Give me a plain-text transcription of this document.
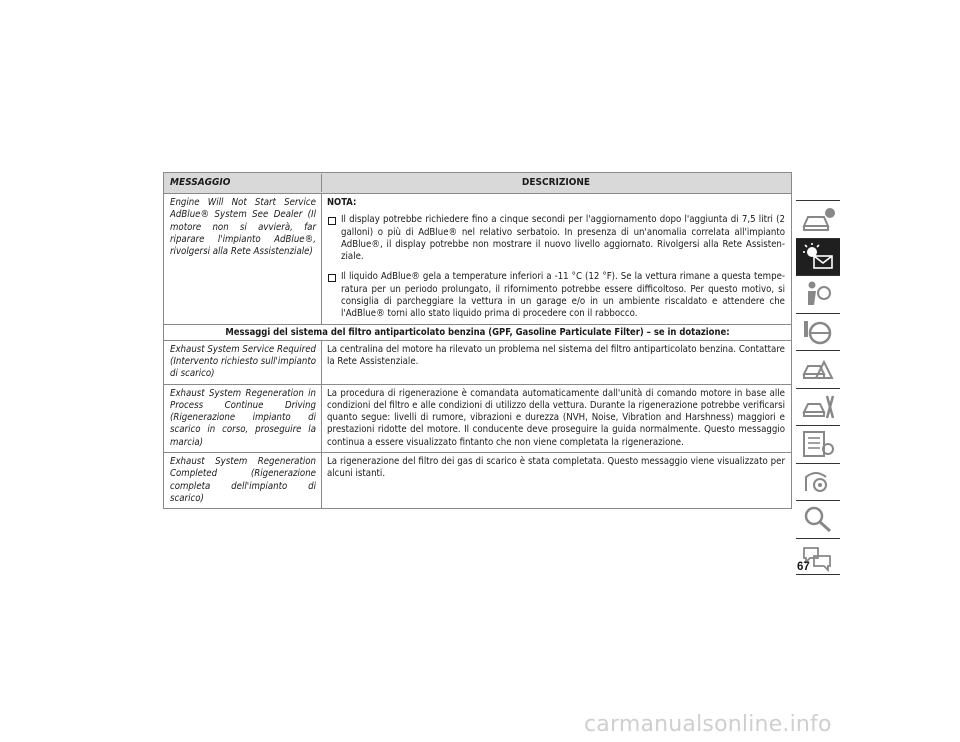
MESSAGGIO	DESCRIZIONE
Engine Will Not Start Service AdBlue® System See Dealer (Il motore non si avvierà, far riparare l'impianto AdBlue®, rivolgersi alla Rete Assistenziale)
NOTA:
Il display potrebbe richiedere fino a cinque secondi per l'aggiornamento dopo l'aggiunta di 7,5 litri (2 galloni) o più di AdBlue® nel relativo serbatoio. In presenza di un'anomalia correlata all'impianto AdBlue®, il display potrebbe non mostrare il nuovo livello aggiornato. Rivolgersi alla Rete Assisten-ziale.
Il liquido AdBlue® gela a temperature inferiori a -11 °C (12 °F). Se la vettura rimane a questa tempe-ratura per un periodo prolungato, il rifornimento potrebbe essere difficoltoso. Per questo motivo, si consiglia di parcheggiare la vettura in un garage e/o in un ambiente riscaldato e attendere che l'AdBlue® torni allo stato liquido prima di procedere con il rabbocco.
Messaggi del sistema del filtro antiparticolato benzina (GPF, Gasoline Particulate Filter) – se in dotazione:
Exhaust System Service Required (Intervento richiesto sull'impianto di scarico)
La centralina del motore ha rilevato un problema nel sistema del filtro antiparticolato benzina. Contattare la Rete Assistenziale.
Exhaust System Regeneration in Process Continue Driving (Rigenerazione impianto di scarico in corso, proseguire la marcia)
La procedura di rigenerazione è comandata automaticamente dall'unità di comando motore in base alle condizioni del filtro e alle condizioni di utilizzo della vettura. Durante la rigenerazione potrebbe verificarsi quanto segue: livelli di rumore, vibrazioni e durezza (NVH, Noise, Vibration and Harshness) maggiori e prestazioni ridotte del motore. Il conducente deve proseguire la guida normalmente. Questo messaggio continua a essere visualizzato fintanto che non viene completata la rigenerazione.
Exhaust System Regeneration Completed (Rigenerazione completa dell'impianto di scarico)
La rigenerazione del filtro dei gas di scarico è stata completata. Questo messaggio viene visualizzato per alcuni istanti.
67
carmanualsonline.info
